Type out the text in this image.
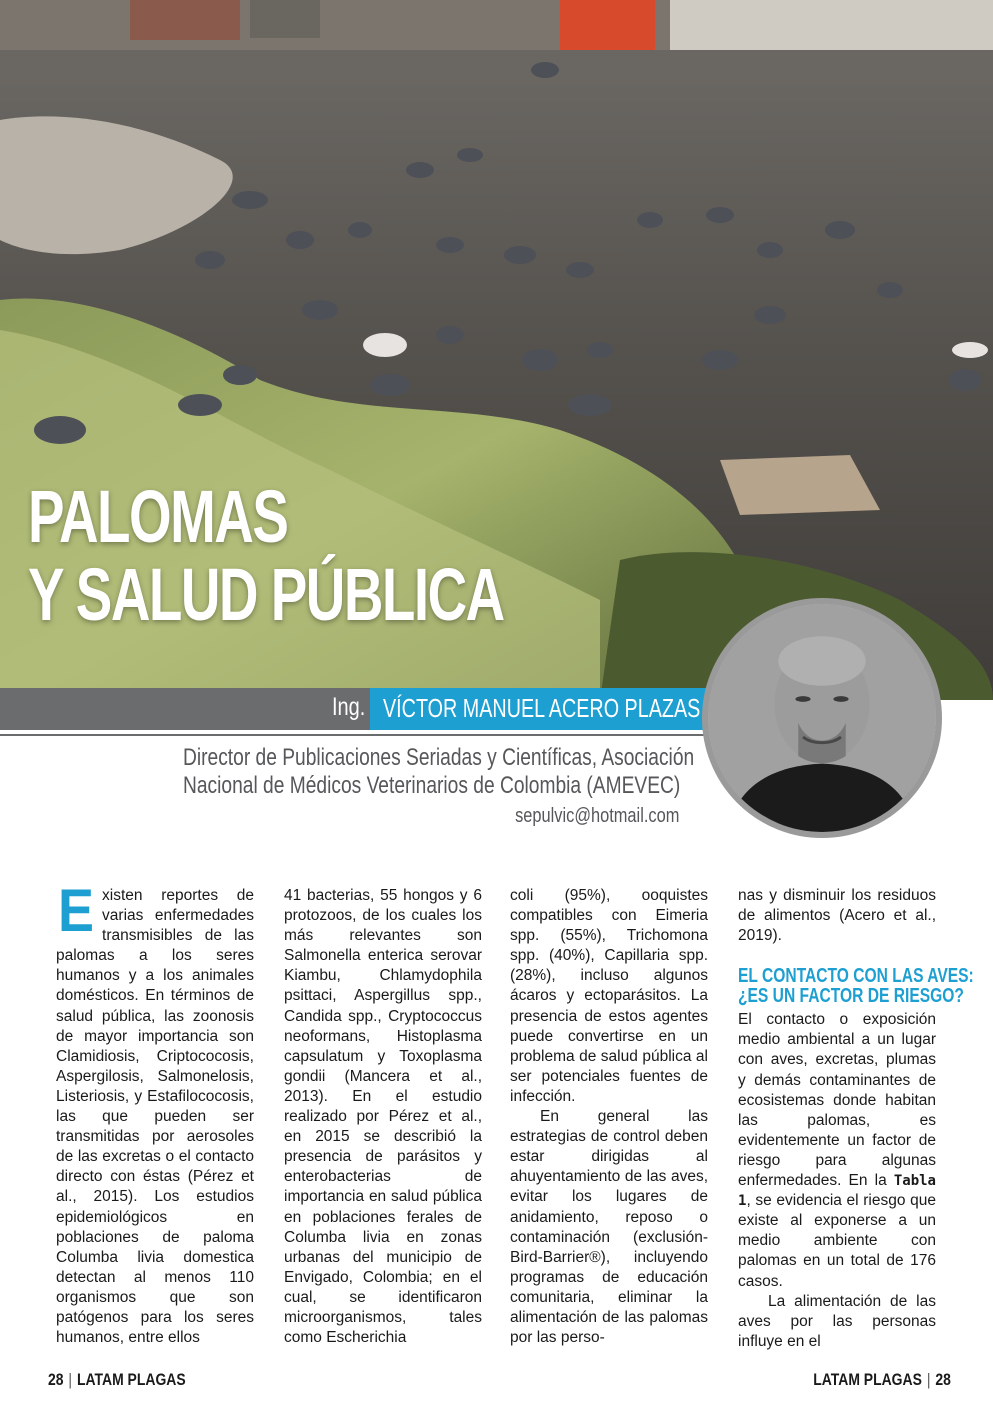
PALOMAS
Y SALUD PÚBLICA
Ing. VÍCTOR MANUEL ACERO PLAZAS
Director de Publicaciones Seriadas y Científicas, Asociación
Nacional de Médicos Veterinarios de Colombia (AMEVEC)
sepulvic@hotmail.com

Existen reportes de varias enfermedades transmisibles de las palomas a los seres humanos y a los animales domésticos. En términos de salud pública, las zoonosis de mayor importancia son Clamidiosis, Criptococosis, Aspergilosis, Salmonelosis, Listeriosis, y Estafilococosis, las que pueden ser transmitidas por aerosoles de las excretas o el contacto directo con éstas (Pérez et al., 2015). Los estudios epidemiológicos en poblaciones de paloma Columba livia domestica detectan al menos 110 organismos que son patógenos para los seres humanos, entre ellos

41 bacterias, 55 hongos y 6 protozoos, de los cuales los más relevantes son Salmonella enterica serovar Kiambu, Chlamydophila psittaci, Aspergillus spp., Candida spp., Cryptococcus neoformans, Histoplasma capsulatum y Toxoplasma gondii (Mancera et al., 2013). En el estudio realizado por Pérez et al., en 2015 se describió la presencia de parásitos y enterobacterias de importancia en salud pública en poblaciones ferales de Columba livia en zonas urbanas del municipio de Envigado, Colombia; en el cual, se identificaron microorganismos, tales como Escherichia

coli (95%), ooquistes compatibles con Eimeria spp. (55%), Trichomona spp. (40%), Capillaria spp. (28%), incluso algunos ácaros y ectoparásitos. La presencia de estos agentes puede convertirse en un problema de salud pública al ser potenciales fuentes de infección.

En general las estrategias de control deben estar dirigidas al ahuyentamiento de las aves, evitar los lugares de anidamiento, reposo o contaminación (exclusión-Bird-Barrier®), incluyendo programas de educación comunitaria, eliminar la alimentación de las palomas por las perso-

nas y disminuir los residuos de alimentos (Acero et al., 2019).

EL CONTACTO CON LAS AVES:
¿ES UN FACTOR DE RIESGO?

El contacto o exposición medio ambiental a un lugar con aves, excretas, plumas y demás contaminantes de ecosistemas donde habitan las palomas, es evidentemente un factor de riesgo para algunas enfermedades. En la Tabla 1, se evidencia el riesgo que existe al exponerse a un medio ambiente con palomas en un total de 176 casos.

La alimentación de las aves por las personas influye en el

28 | LATAM PLAGAS	LATAM PLAGAS | 28
